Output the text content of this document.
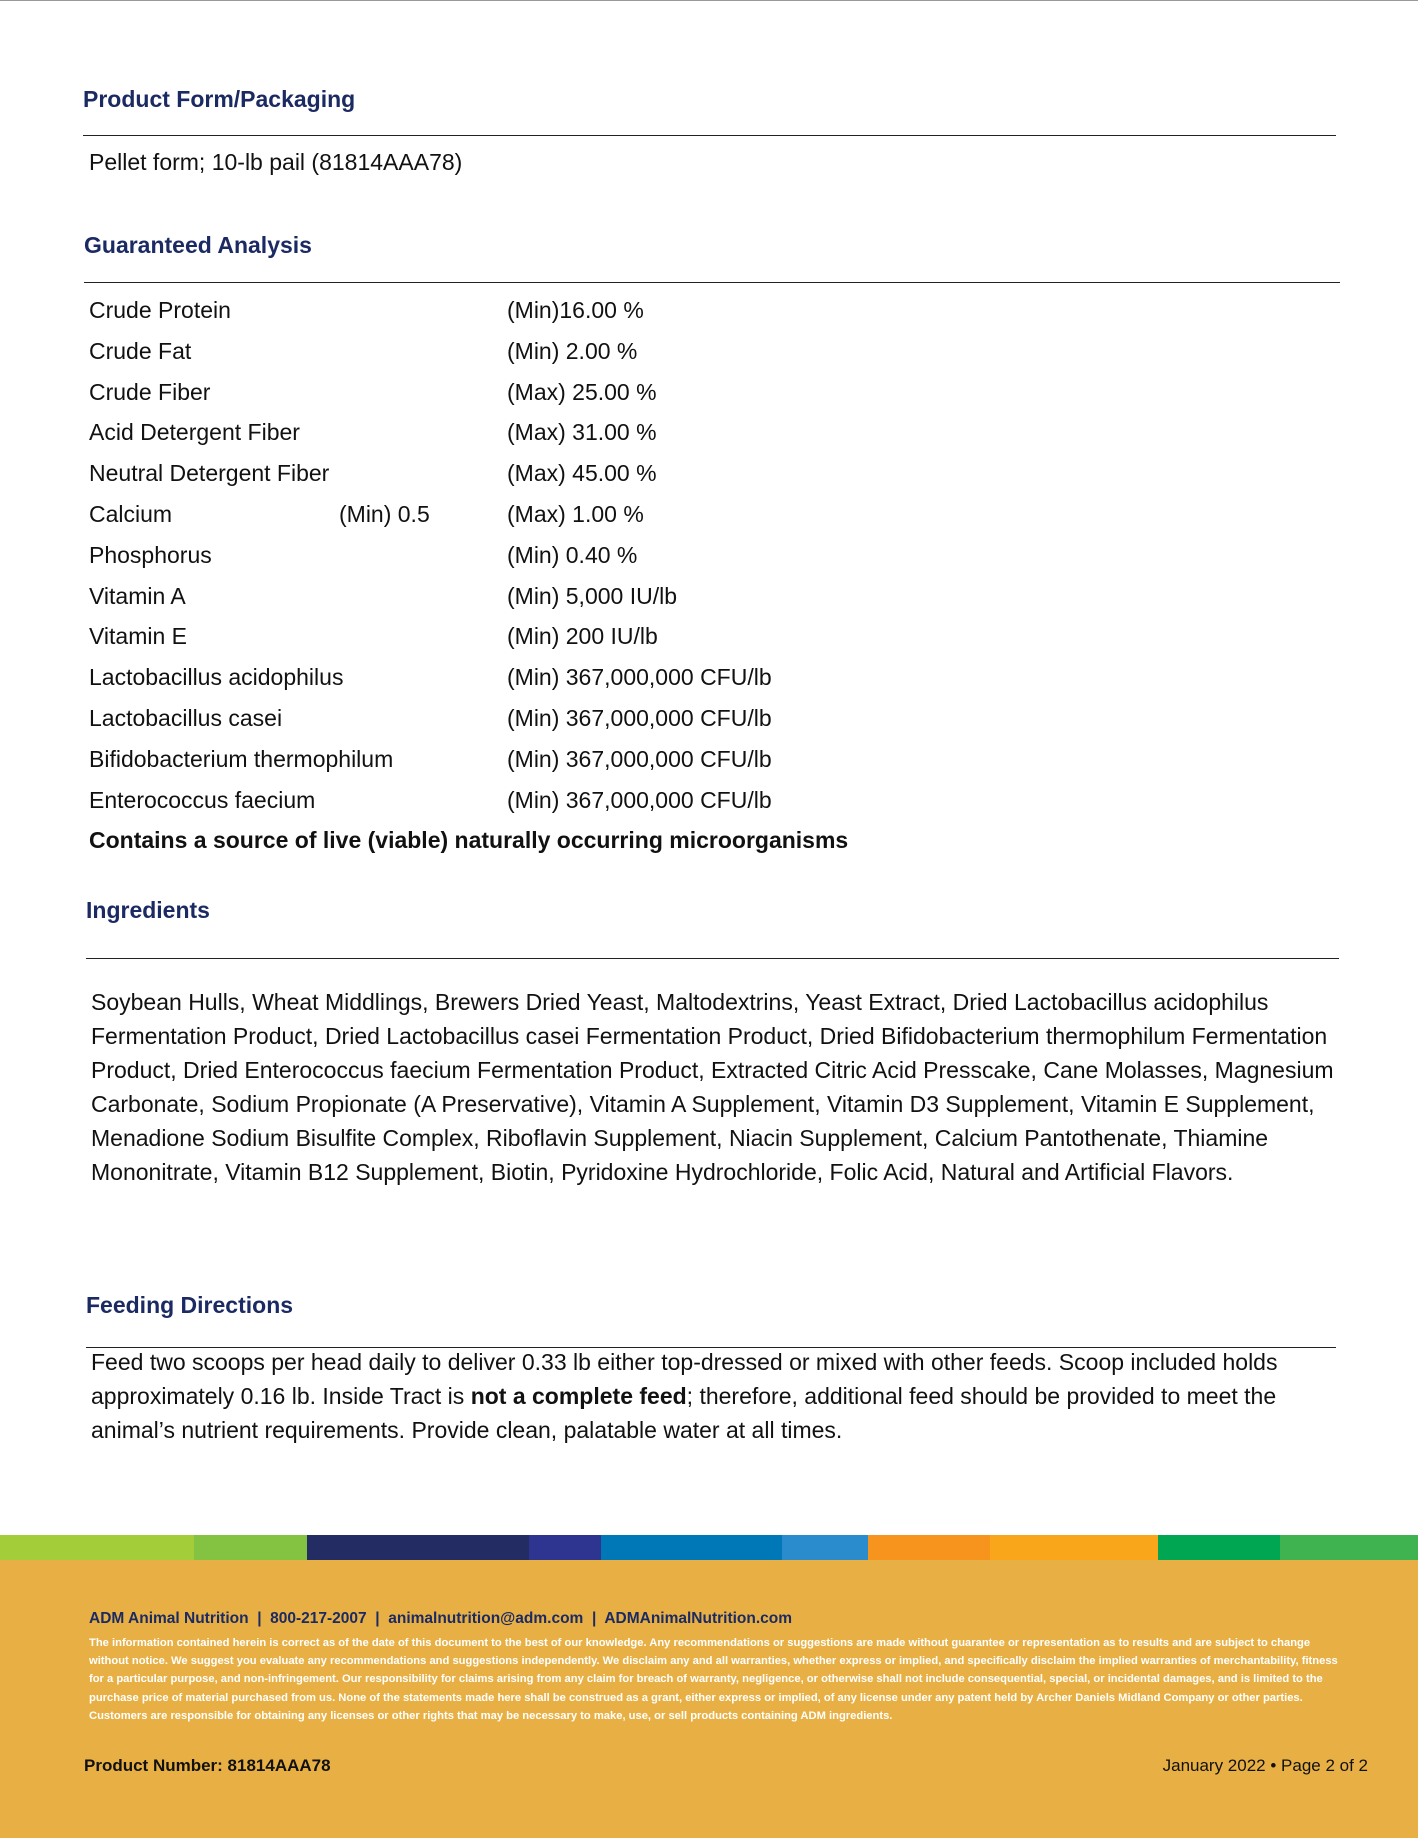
Product Form/Packaging
Pellet form; 10-lb pail (81814AAA78)
Guaranteed Analysis
Crude Protein	(Min)16.00 %
Crude Fat	(Min) 2.00 %
Crude Fiber	(Max) 25.00 %
Acid Detergent Fiber	(Max) 31.00 %
Neutral Detergent Fiber	(Max) 45.00 %
Calcium	(Min) 0.5	(Max) 1.00 %
Phosphorus	(Min) 0.40 %
Vitamin A	(Min) 5,000 IU/lb
Vitamin E	(Min) 200 IU/lb
Lactobacillus acidophilus	(Min) 367,000,000 CFU/lb
Lactobacillus casei	(Min) 367,000,000 CFU/lb
Bifidobacterium thermophilum	(Min) 367,000,000 CFU/lb
Enterococcus faecium	(Min) 367,000,000 CFU/lb
Contains a source of live (viable) naturally occurring microorganisms
Ingredients
Soybean Hulls, Wheat Middlings, Brewers Dried Yeast, Maltodextrins, Yeast Extract, Dried Lactobacillus acidophilus Fermentation Product, Dried Lactobacillus casei Fermentation Product, Dried Bifidobacterium thermophilum Fermentation Product, Dried Enterococcus faecium Fermentation Product, Extracted Citric Acid Presscake, Cane Molasses, Magnesium Carbonate, Sodium Propionate (A Preservative), Vitamin A Supplement, Vitamin D3 Supplement, Vitamin E Supplement, Menadione Sodium Bisulfite Complex, Riboflavin Supplement, Niacin Supplement, Calcium Pantothenate, Thiamine Mononitrate, Vitamin B12 Supplement, Biotin, Pyridoxine Hydrochloride, Folic Acid, Natural and Artificial Flavors.
Feeding Directions
Feed two scoops per head daily to deliver 0.33 lb either top-dressed or mixed with other feeds. Scoop included holds approximately 0.16 lb. Inside Tract is not a complete feed; therefore, additional feed should be provided to meet the animal’s nutrient requirements. Provide clean, palatable water at all times.
ADM Animal Nutrition  |  800-217-2007  |  animalnutrition@adm.com  |  ADMAnimalNutrition.com
The information contained herein is correct as of the date of this document to the best of our knowledge. Any recommendations or suggestions are made without guarantee or representation as to results and are subject to change without notice. We suggest you evaluate any recommendations and suggestions independently. We disclaim any and all warranties, whether express or implied, and specifically disclaim the implied warranties of merchantability, fitness for a particular purpose, and non-infringement. Our responsibility for claims arising from any claim for breach of warranty, negligence, or otherwise shall not include consequential, special, or incidental damages, and is limited to the purchase price of material purchased from us. None of the statements made here shall be construed as a grant, either express or implied, of any license under any patent held by Archer Daniels Midland Company or other parties. Customers are responsible for obtaining any licenses or other rights that may be necessary to make, use, or sell products containing ADM ingredients.
Product Number: 81814AAA78	January 2022 • Page 2 of 2
